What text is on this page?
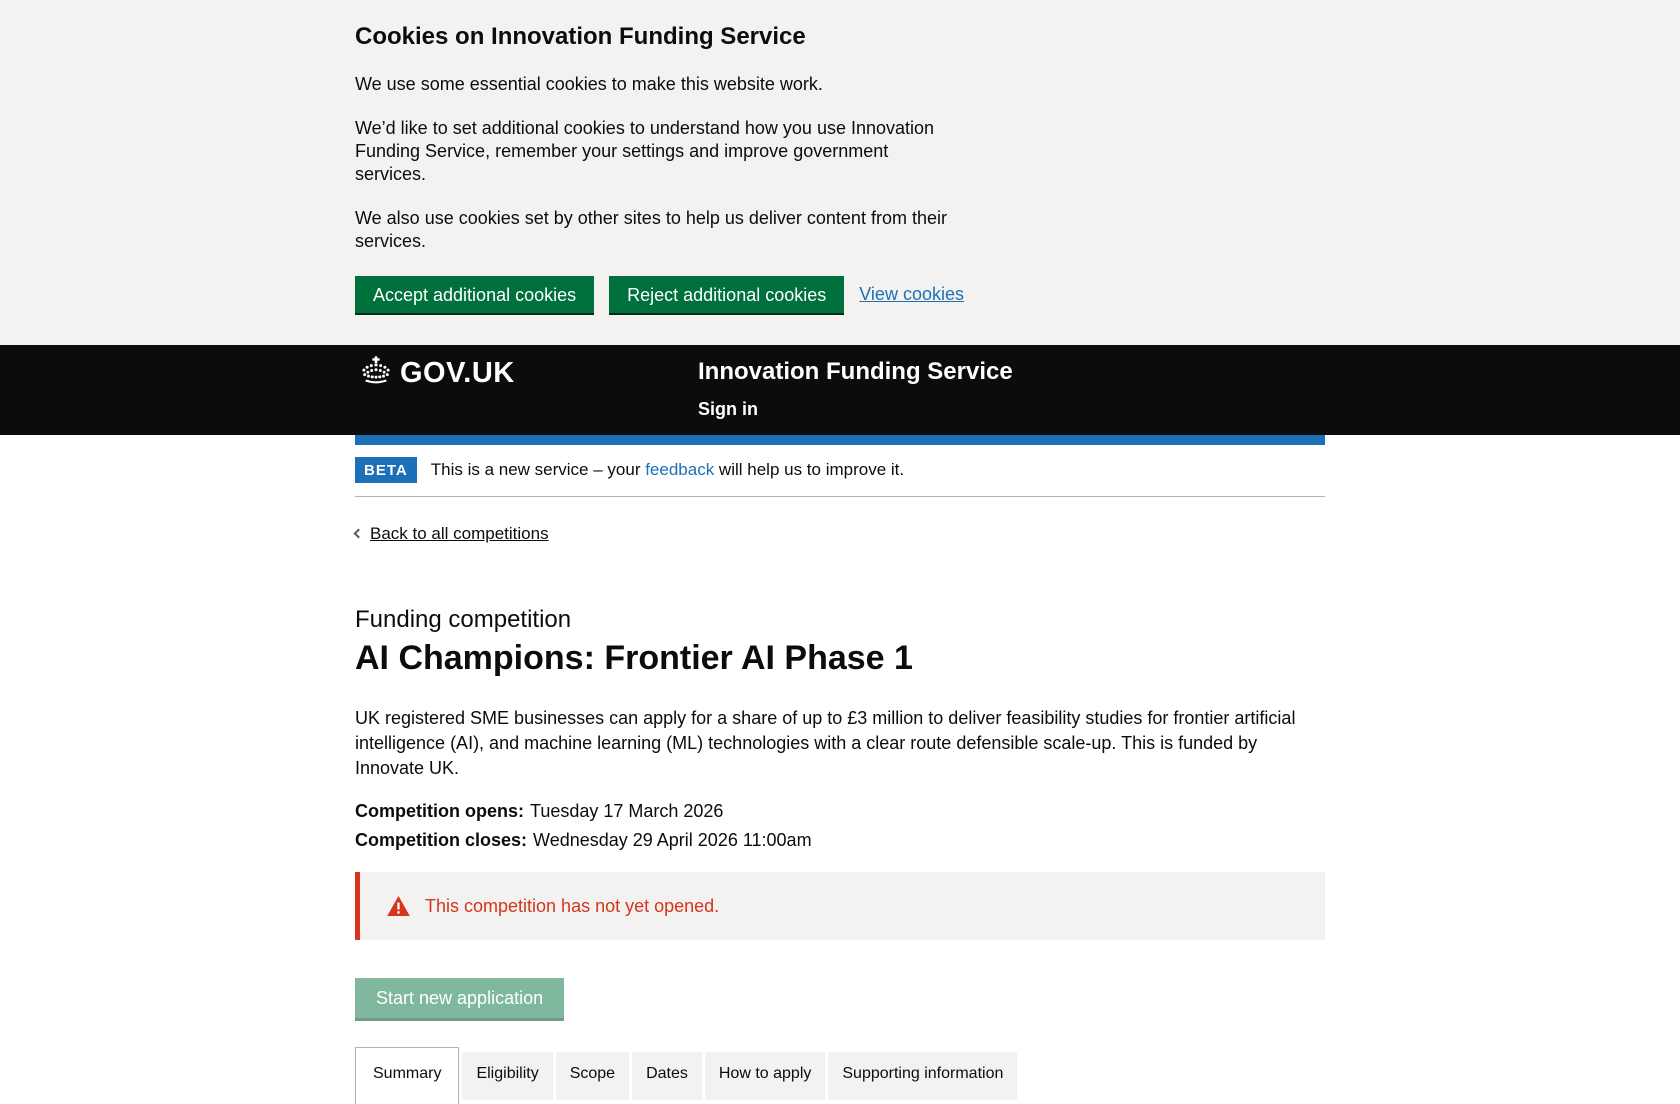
Cookies on Innovation Funding Service

We use some essential cookies to make this website work.

We’d like to set additional cookies to understand how you use Innovation Funding Service, remember your settings and improve government services.

We also use cookies set by other sites to help us deliver content from their services.

Accept additional cookies	Reject additional cookies	View cookies
GOV.UK	Innovation Funding Service
Sign in
BETA	This is a new service – your feedback will help us to improve it.
Back to all competitions
Funding competition
AI Champions: Frontier AI Phase 1

UK registered SME businesses can apply for a share of up to £3 million to deliver feasibility studies for frontier artificial intelligence (AI), and machine learning (ML) technologies with a clear route defensible scale-up. This is funded by Innovate UK.

Competition opens: Tuesday 17 March 2026
Competition closes: Wednesday 29 April 2026 11:00am
This competition has not yet opened.
Start new application
Summary	Eligibility	Scope	Dates	How to apply	Supporting information
